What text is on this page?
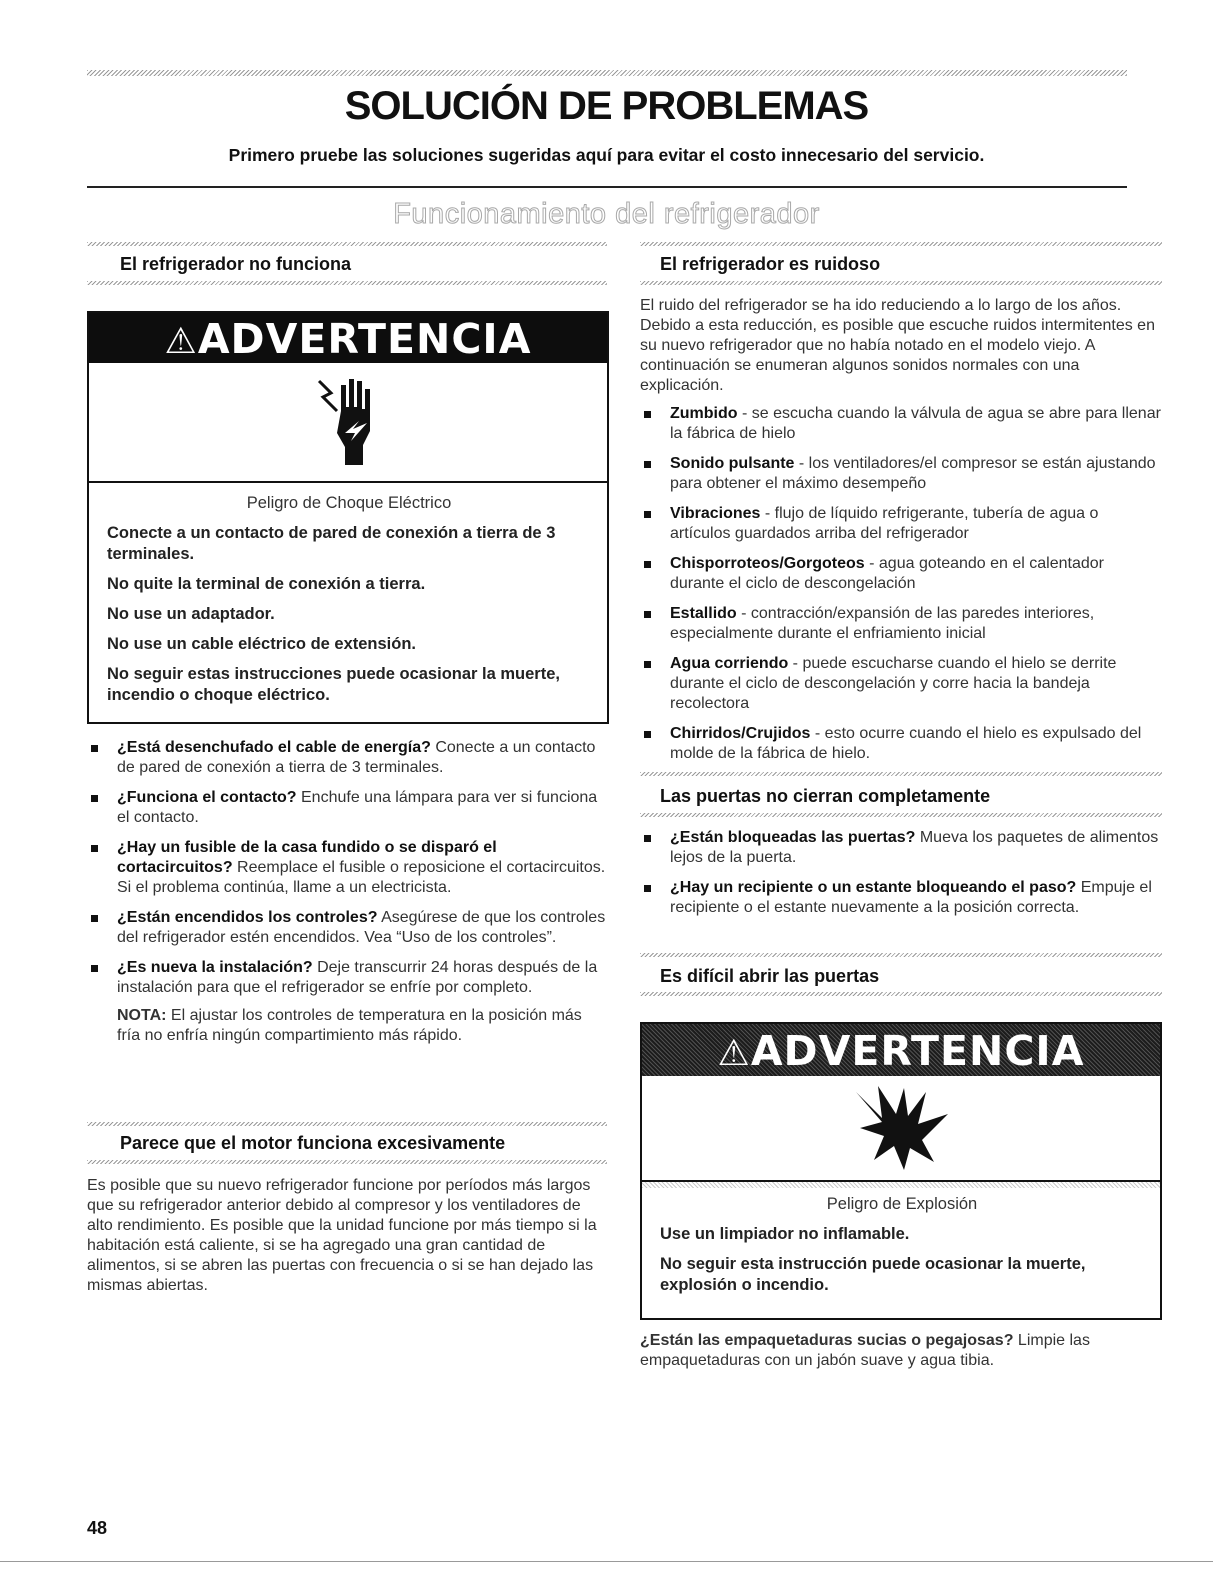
SOLUCIÓN DE PROBLEMAS
Primero pruebe las soluciones sugeridas aquí para evitar el costo innecesario del servicio.
Funcionamiento del refrigerador
El refrigerador no funciona
⚠ADVERTENCIA
Peligro de Choque Eléctrico

Conecte a un contacto de pared de conexión a tierra de 3 terminales.

No quite la terminal de conexión a tierra.

No use un adaptador.

No use un cable eléctrico de extensión.

No seguir estas instrucciones puede ocasionar la muerte, incendio o choque eléctrico.

¿Está desenchufado el cable de energía? Conecte a un contacto de pared de conexión a tierra de 3 terminales.
¿Funciona el contacto? Enchufe una lámpara para ver si funciona el contacto.
¿Hay un fusible de la casa fundido o se disparó el cortacircuitos? Reemplace el fusible o reposicione el cortacircuitos. Si el problema continúa, llame a un electricista.
¿Están encendidos los controles? Asegúrese de que los controles del refrigerador estén encendidos. Vea “Uso de los controles”.
¿Es nueva la instalación? Deje transcurrir 24 horas después de la instalación para que el refrigerador se enfríe por completo.
NOTA: El ajustar los controles de temperatura en la posición más fría no enfría ningún compartimiento más rápido.
Parece que el motor funciona excesivamente
Es posible que su nuevo refrigerador funcione por períodos más largos que su refrigerador anterior debido al compresor y los ventiladores de alto rendimiento. Es posible que la unidad funcione por más tiempo si la habitación está caliente, si se ha agregado una gran cantidad de alimentos, si se abren las puertas con frecuencia o si se han dejado las mismas abiertas.
El refrigerador es ruidoso
El ruido del refrigerador se ha ido reduciendo a lo largo de los años. Debido a esta reducción, es posible que escuche ruidos intermitentes en su nuevo refrigerador que no había notado en el modelo viejo. A continuación se enumeran algunos sonidos normales con una explicación.
Zumbido - se escucha cuando la válvula de agua se abre para llenar la fábrica de hielo
Sonido pulsante - los ventiladores/el compresor se están ajustando para obtener el máximo desempeño
Vibraciones - flujo de líquido refrigerante, tubería de agua o artículos guardados arriba del refrigerador
Chisporroteos/Gorgoteos - agua goteando en el calentador durante el ciclo de descongelación
Estallido - contracción/expansión de las paredes interiores, especialmente durante el enfriamiento inicial
Agua corriendo - puede escucharse cuando el hielo se derrite durante el ciclo de descongelación y corre hacia la bandeja recolectora
Chirridos/Crujidos - esto ocurre cuando el hielo es expulsado del molde de la fábrica de hielo.
Las puertas no cierran completamente
¿Están bloqueadas las puertas? Mueva los paquetes de alimentos lejos de la puerta.
¿Hay un recipiente o un estante bloqueando el paso? Empuje el recipiente o el estante nuevamente a la posición correcta.
Es difícil abrir las puertas
⚠ADVERTENCIA
Peligro de Explosión

Use un limpiador no inflamable.

No seguir esta instrucción puede ocasionar la muerte, explosión o incendio.

¿Están las empaquetaduras sucias o pegajosas? Limpie las empaquetaduras con un jabón suave y agua tibia.
48
